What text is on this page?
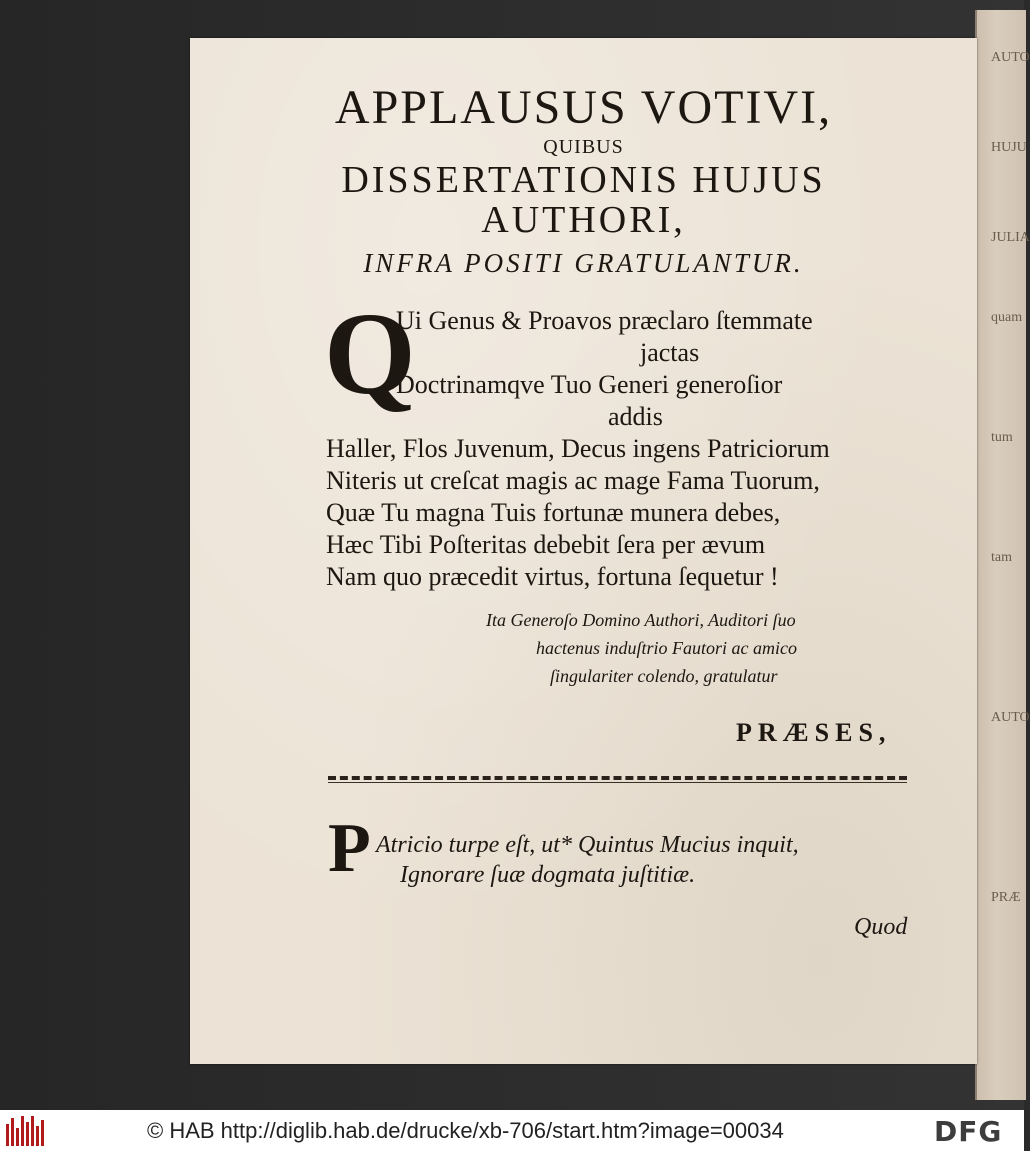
AUTO
HUJU
JULIA
quam
tum
tam
AUTO
PRÆ
APPLAUSUS VOTIVI,
QUIBUS
DISSERTATIONIS HUJUS
AUTHORI,
INFRA POSITI GRATULANTUR.
Q
Ui Genus & Proavos præclaro ſtemmate
jactas
Doctrinamqve Tuo Generi generoſior
addis
Haller, Flos Juvenum, Decus ingens Patriciorum
Niteris ut creſcat magis ac mage Fama Tuorum,
Quæ Tu magna Tuis fortunæ munera debes,
Hæc Tibi Poſteritas debebit ſera per ævum
Nam quo præcedit virtus, fortuna ſequetur !
Ita Generoſo Domino Authori, Auditori ſuo
hactenus induſtrio Fautori ac amico
ſingulariter colendo, gratulatur
PRÆSES,
P Atricio turpe eſt, ut* Quintus Mucius inquit,
Ignorare ſuæ dogmata juſtitiæ.
Quod
© HAB http://diglib.hab.de/drucke/xb-706/start.htm?image=00034	DFG
